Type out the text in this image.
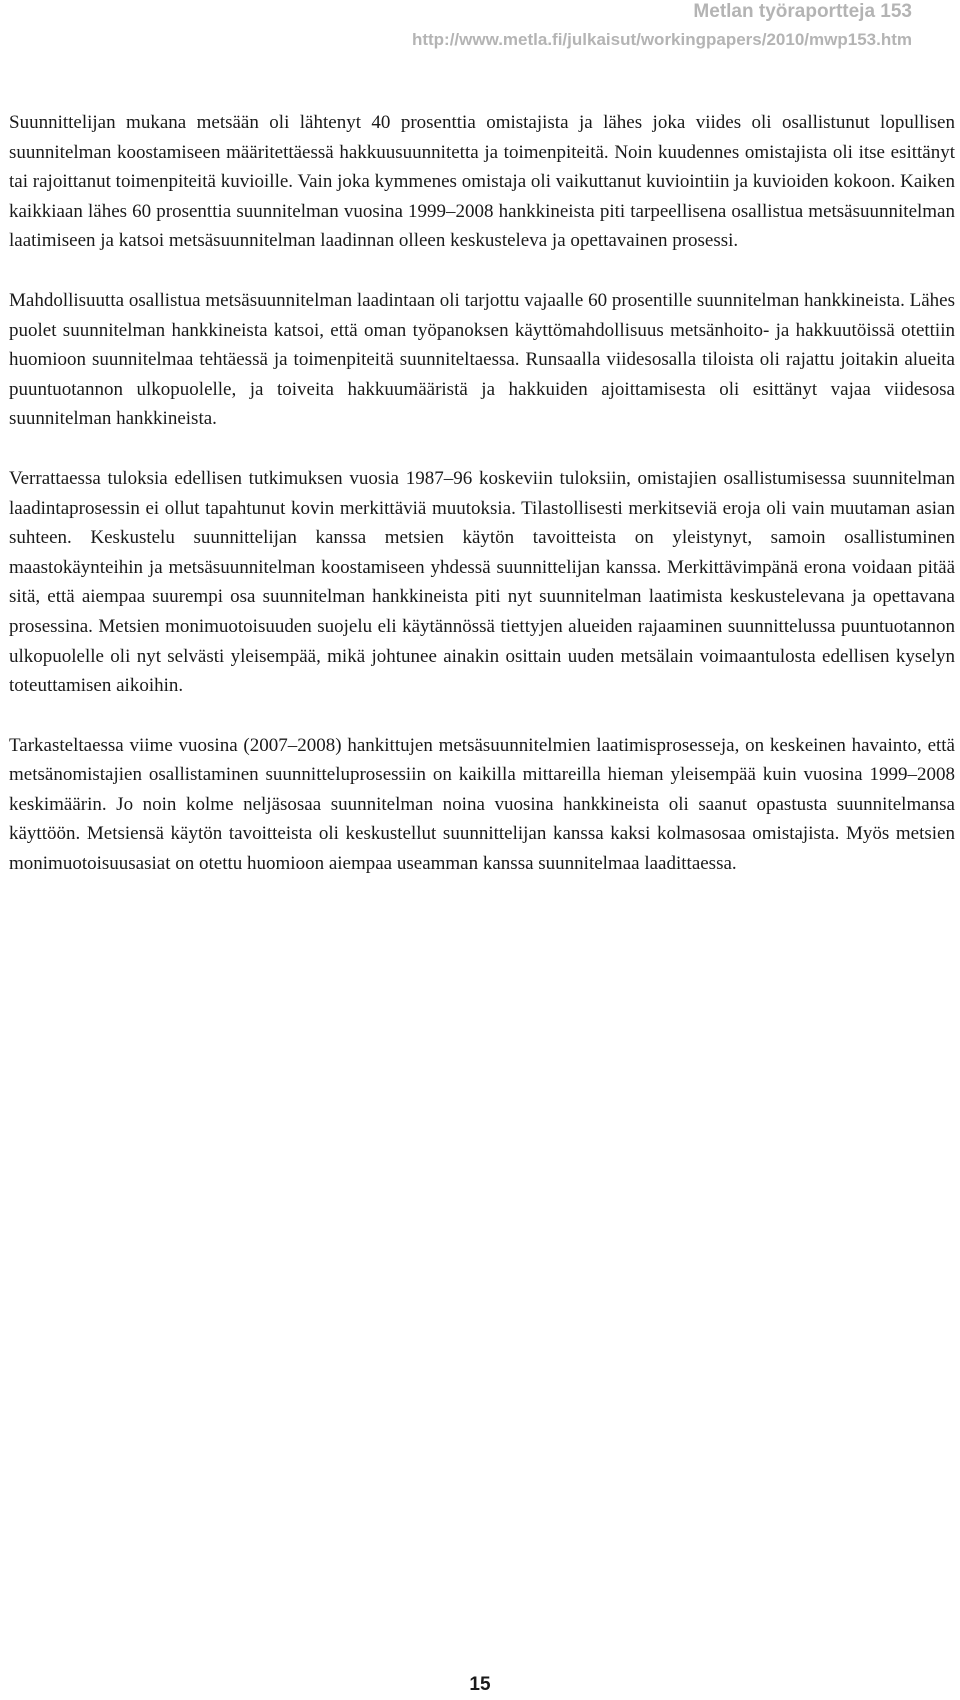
Metlan työraportteja 153
http://www.metla.fi/julkaisut/workingpapers/2010/mwp153.htm

Suunnittelijan mukana metsään oli lähtenyt 40 prosenttia omistajista ja lähes joka viides oli osallistunut lopullisen suunnitelman koostamiseen määritettäessä hakkuusuunnitetta ja toimenpiteitä. Noin kuudennes omistajista oli itse esittänyt tai rajoittanut toimenpiteitä kuvioille. Vain joka kymmenes omistaja oli vaikuttanut kuviointiin ja kuvioiden kokoon. Kaiken kaikkiaan lähes 60 prosenttia suunnitelman vuosina 1999–2008 hankkineista piti tarpeellisena osallistua metsäsuunnitelman laatimiseen ja katsoi metsäsuunnitelman laadinnan olleen keskusteleva ja opettavainen prosessi.

Mahdollisuutta osallistua metsäsuunnitelman laadintaan oli tarjottu vajaalle 60 prosentille suunnitelman hankkineista. Lähes puolet suunnitelman hankkineista katsoi, että oman työpanoksen käyttömahdollisuus metsänhoito- ja hakkuutöissä otettiin huomioon suunnitelmaa tehtäessä ja toimenpiteitä suunniteltaessa. Runsaalla viidesosalla tiloista oli rajattu joitakin alueita puuntuotannon ulkopuolelle, ja toiveita hakkuumääristä ja hakkuiden ajoittamisesta oli esittänyt vajaa viidesosa suunnitelman hankkineista.

Verrattaessa tuloksia edellisen tutkimuksen vuosia 1987–96 koskeviin tuloksiin, omistajien osallistumisessa suunnitelman laadintaprosessin ei ollut tapahtunut kovin merkittäviä muutoksia. Tilastollisesti merkitseviä eroja oli vain muutaman asian suhteen. Keskustelu suunnittelijan kanssa metsien käytön tavoitteista on yleistynyt, samoin osallistuminen maastokäynteihin ja metsäsuunnitelman koostamiseen yhdessä suunnittelijan kanssa. Merkittävimpänä erona voidaan pitää sitä, että aiempaa suurempi osa suunnitelman hankkineista piti nyt suunnitelman laatimista keskustelevana ja opettavana prosessina. Metsien monimuotoisuuden suojelu eli käytännössä tiettyjen alueiden rajaaminen suunnittelussa puuntuotannon ulkopuolelle oli nyt selvästi yleisempää, mikä johtunee ainakin osittain uuden metsälain voimaantulosta edellisen kyselyn toteuttamisen aikoihin.

Tarkasteltaessa viime vuosina (2007–2008) hankittujen metsäsuunnitelmien laatimisprosesseja, on keskeinen havainto, että metsänomistajien osallistaminen suunnitteluprosessiin on kaikilla mittareilla hieman yleisempää kuin vuosina 1999–2008 keskimäärin. Jo noin kolme neljäsosaa suunnitelman noina vuosina hankkineista oli saanut opastusta suunnitelmansa käyttöön. Metsiensä käytön tavoitteista oli keskustellut suunnittelijan kanssa kaksi kolmasosaa omistajista. Myös metsien monimuotoisuusasiat on otettu huomioon aiempaa useamman kanssa suunnitelmaa laadittaessa.

15
